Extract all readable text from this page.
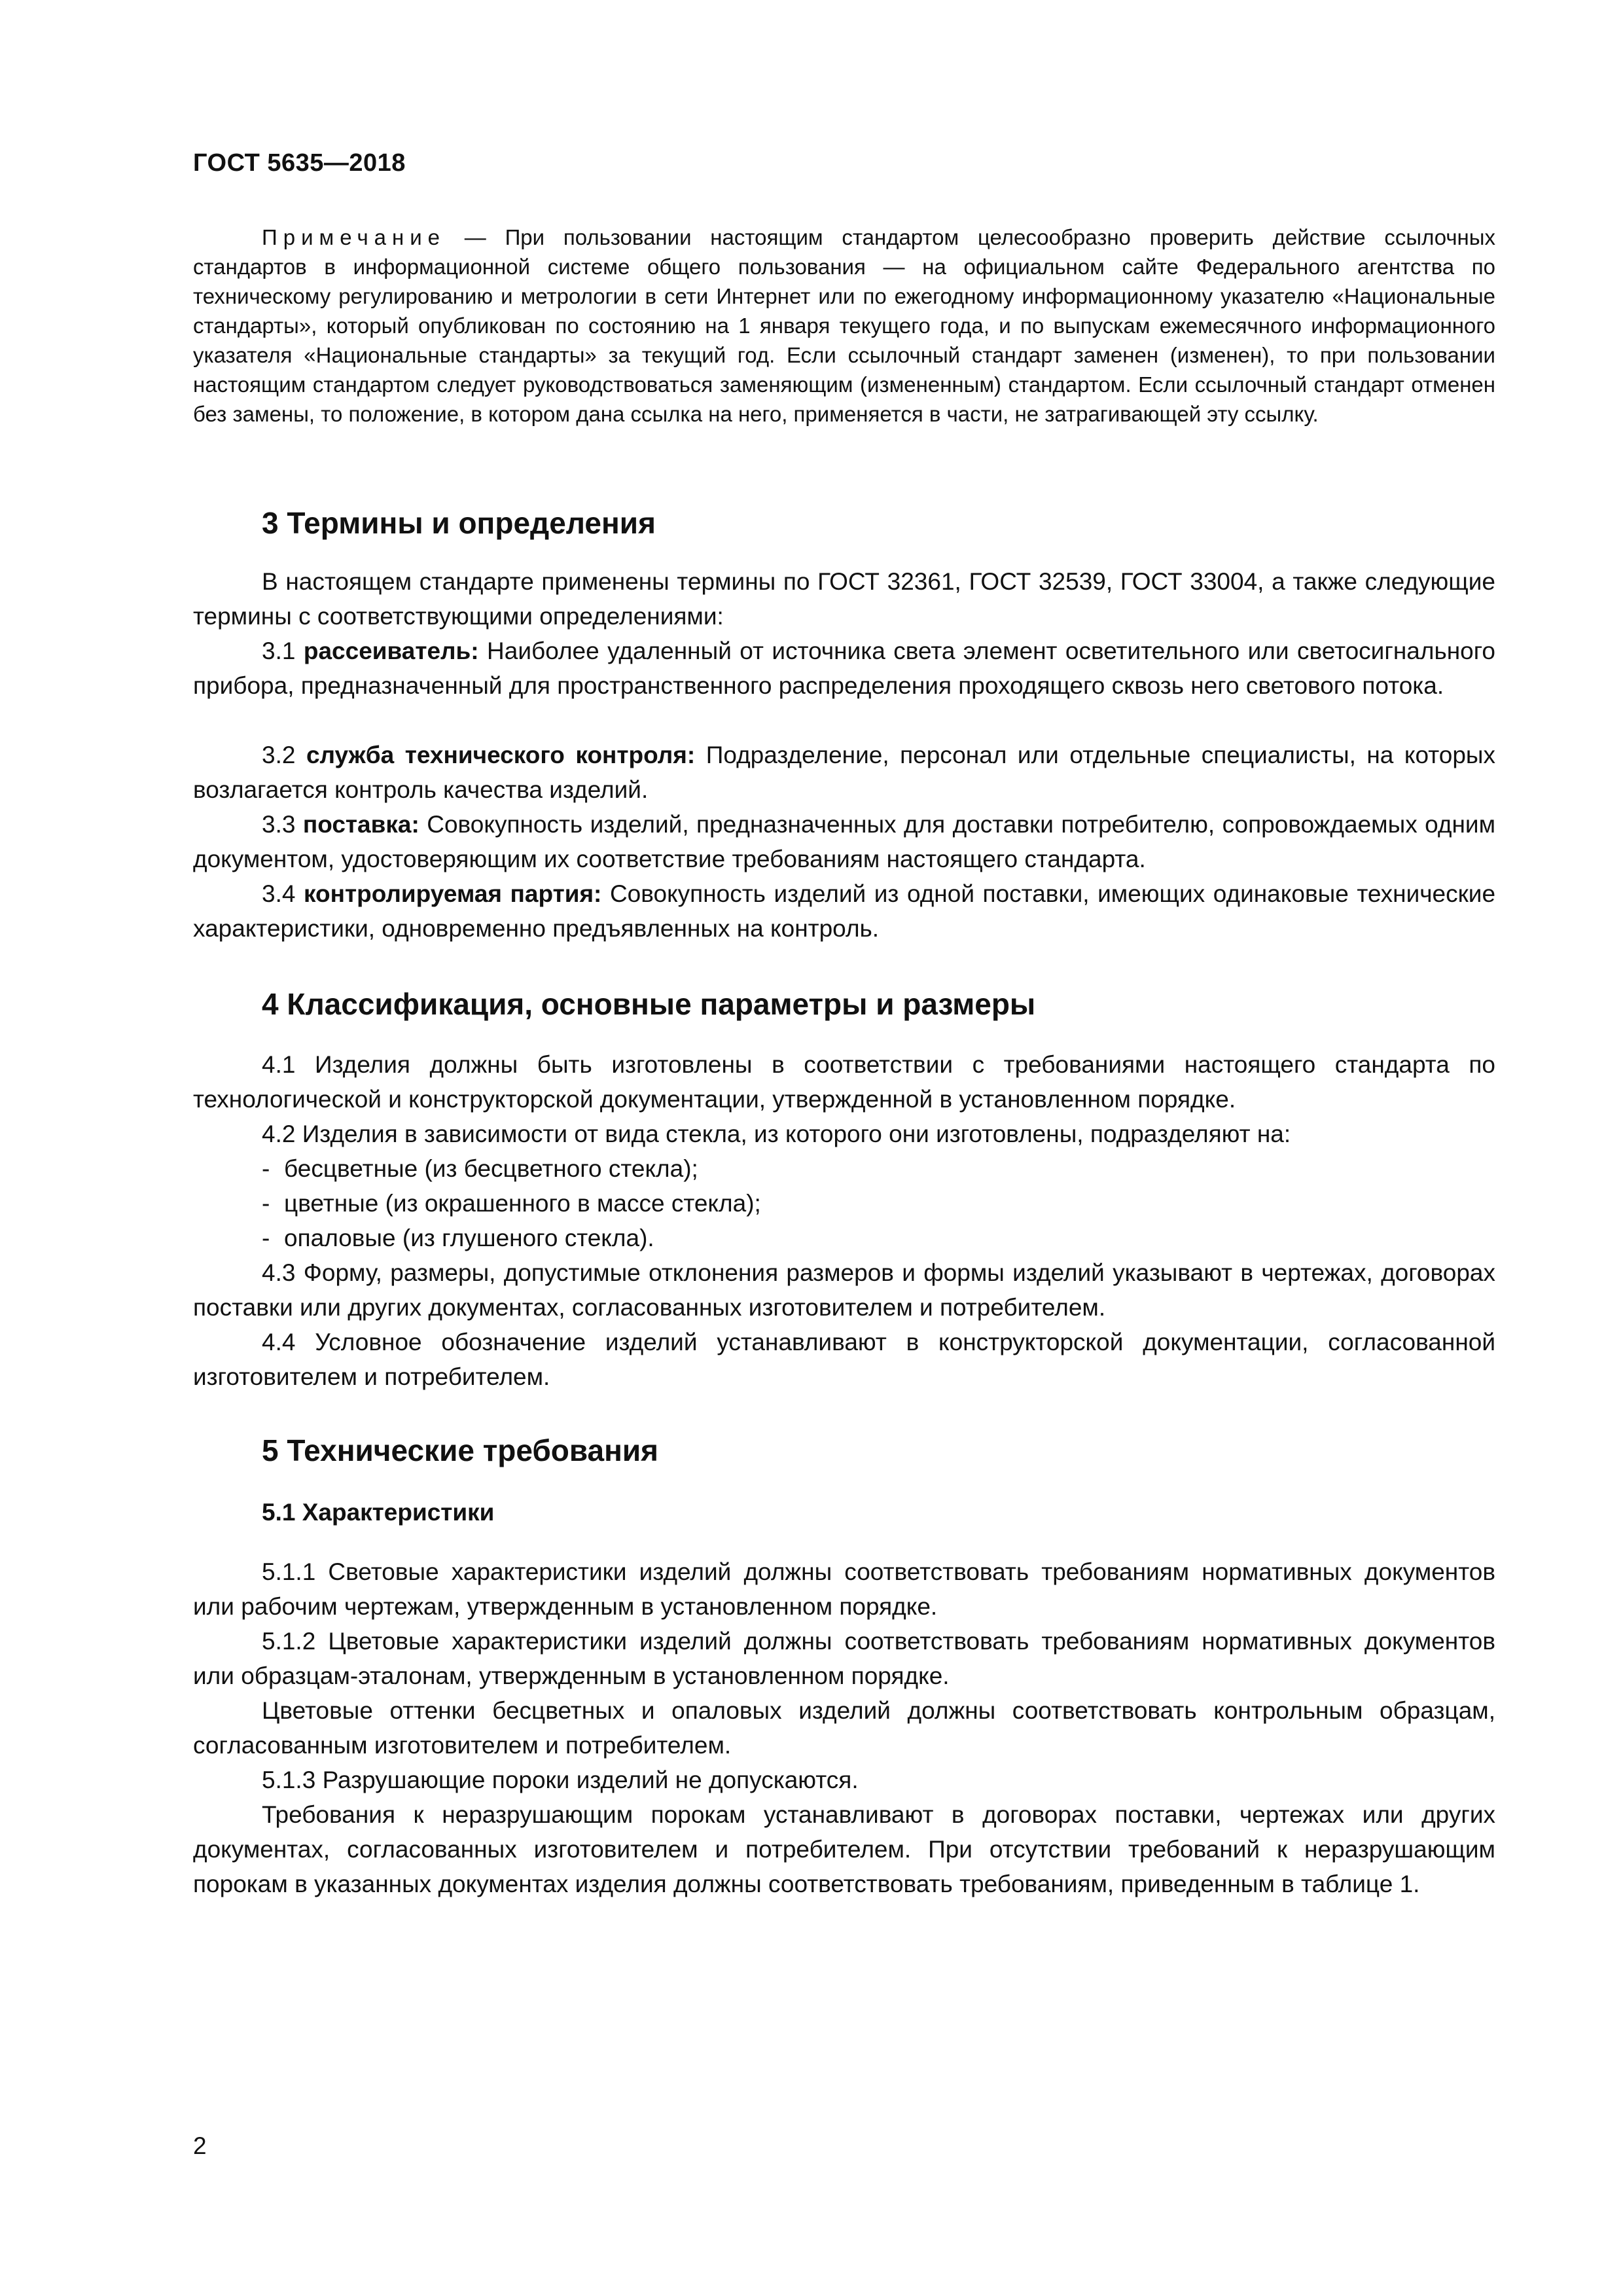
ГОСТ 5635—2018

Примечание — При пользовании настоящим стандартом целесообразно проверить действие ссылочных стандартов в информационной системе общего пользования — на официальном сайте Федерального агентства по техническому регулированию и метрологии в сети Интернет или по ежегодному информационному указателю «Национальные стандарты», который опубликован по состоянию на 1 января текущего года, и по выпускам ежемесячного информационного указателя «Национальные стандарты» за текущий год. Если ссылочный стандарт заменен (изменен), то при пользовании настоящим стандартом следует руководствоваться заменяющим (измененным) стандартом. Если ссылочный стандарт отменен без замены, то положение, в котором дана ссылка на него, применяется в части, не затрагивающей эту ссылку.

3 Термины и определения

В настоящем стандарте применены термины по ГОСТ 32361, ГОСТ 32539, ГОСТ 33004, а также следующие термины с соответствующими определениями:

3.1 рассеиватель: Наиболее удаленный от источника света элемент осветительного или светосигнального прибора, предназначенный для пространственного распределения проходящего сквозь него светового потока.

3.2 служба технического контроля: Подразделение, персонал или отдельные специалисты, на которых возлагается контроль качества изделий.

3.3 поставка: Совокупность изделий, предназначенных для доставки потребителю, сопровождаемых одним документом, удостоверяющим их соответствие требованиям настоящего стандарта.

3.4 контролируемая партия: Совокупность изделий из одной поставки, имеющих одинаковые технические характеристики, одновременно предъявленных на контроль.

4 Классификация, основные параметры и размеры

4.1 Изделия должны быть изготовлены в соответствии с требованиями настоящего стандарта по технологической и конструкторской документации, утвержденной в установленном порядке.

4.2 Изделия в зависимости от вида стекла, из которого они изготовлены, подразделяют на:

- бесцветные (из бесцветного стекла);

- цветные (из окрашенного в массе стекла);

- опаловые (из глушеного стекла).

4.3 Форму, размеры, допустимые отклонения размеров и формы изделий указывают в чертежах, договорах поставки или других документах, согласованных изготовителем и потребителем.

4.4 Условное обозначение изделий устанавливают в конструкторской документации, согласованной изготовителем и потребителем.

5 Технические требования
5.1 Характеристики

5.1.1 Световые характеристики изделий должны соответствовать требованиям нормативных документов или рабочим чертежам, утвержденным в установленном порядке.

5.1.2 Цветовые характеристики изделий должны соответствовать требованиям нормативных документов или образцам-эталонам, утвержденным в установленном порядке.

Цветовые оттенки бесцветных и опаловых изделий должны соответствовать контрольным образцам, согласованным изготовителем и потребителем.

5.1.3 Разрушающие пороки изделий не допускаются.

Требования к неразрушающим порокам устанавливают в договорах поставки, чертежах или других документах, согласованных изготовителем и потребителем. При отсутствии требований к неразрушающим порокам в указанных документах изделия должны соответствовать требованиям, приведенным в таблице 1.

2
